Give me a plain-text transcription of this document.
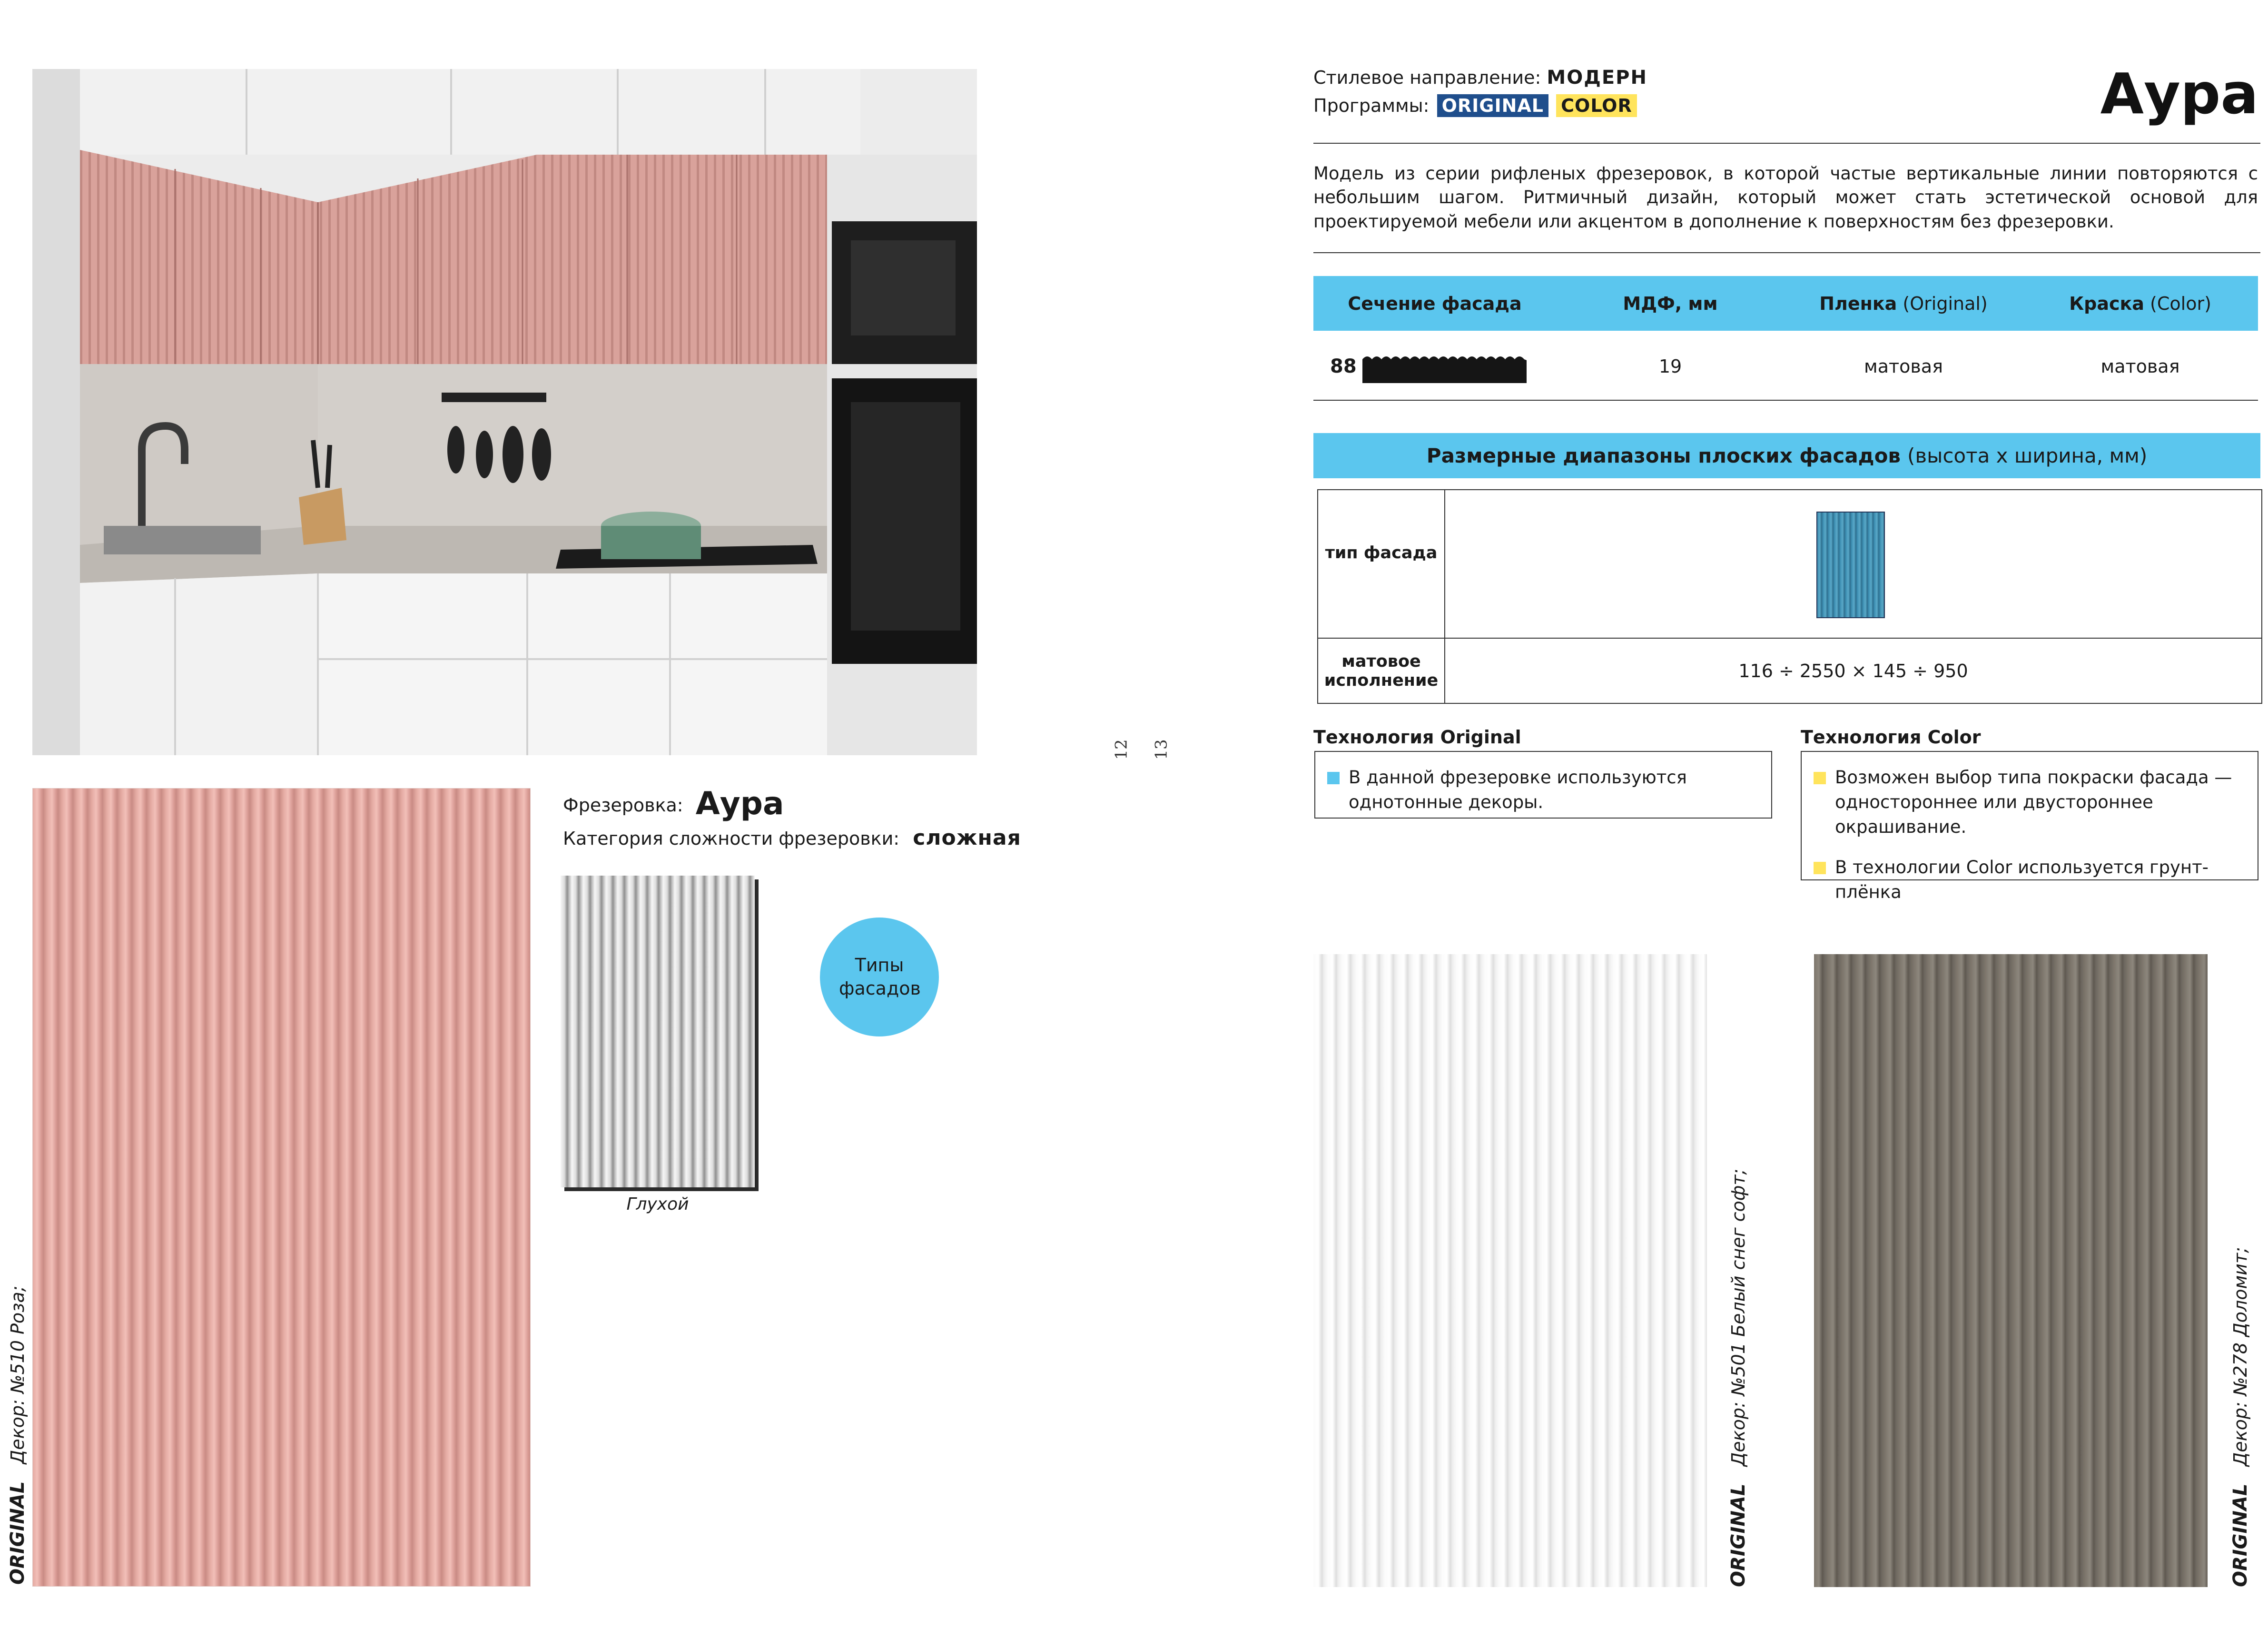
ORIGINAL   Декор: №510 Роза;
Фрезеровка: Аура
Категория сложности фрезеровки: сложная
Глухой
Типы фасадов
12 13
Стилевое направление: МОДЕРН
Программы: ORIGINAL COLOR	Аура
Модель из серии рифленых фрезеровок, в которой частые вертикальные линии повторяются с небольшим шагом. Ритмичный дизайн, который может стать эстетической основой для проектируемой мебели или акцентом в дополнение к поверхностям без фрезеровки.
Сечение фасада	МДФ, мм	Пленка (Original)	Краска (Color)
88	19	матовая	матовая
Размерные диапазоны плоских фасадов (высота х ширина, мм)
тип фасада
матовое исполнение	116 ÷ 2550 × 145 ÷ 950
Технология Original

В данной фрезеровке используются однотонные декоры.

Технология Color

Возможен выбор типа покраски фасада — одностороннее или двустороннее окрашивание.

В технологии Color используется грунт-плёнка

ORIGINAL   Декор: №501 Белый снег софт;
ORIGINAL   Декор: №278 Доломит;
